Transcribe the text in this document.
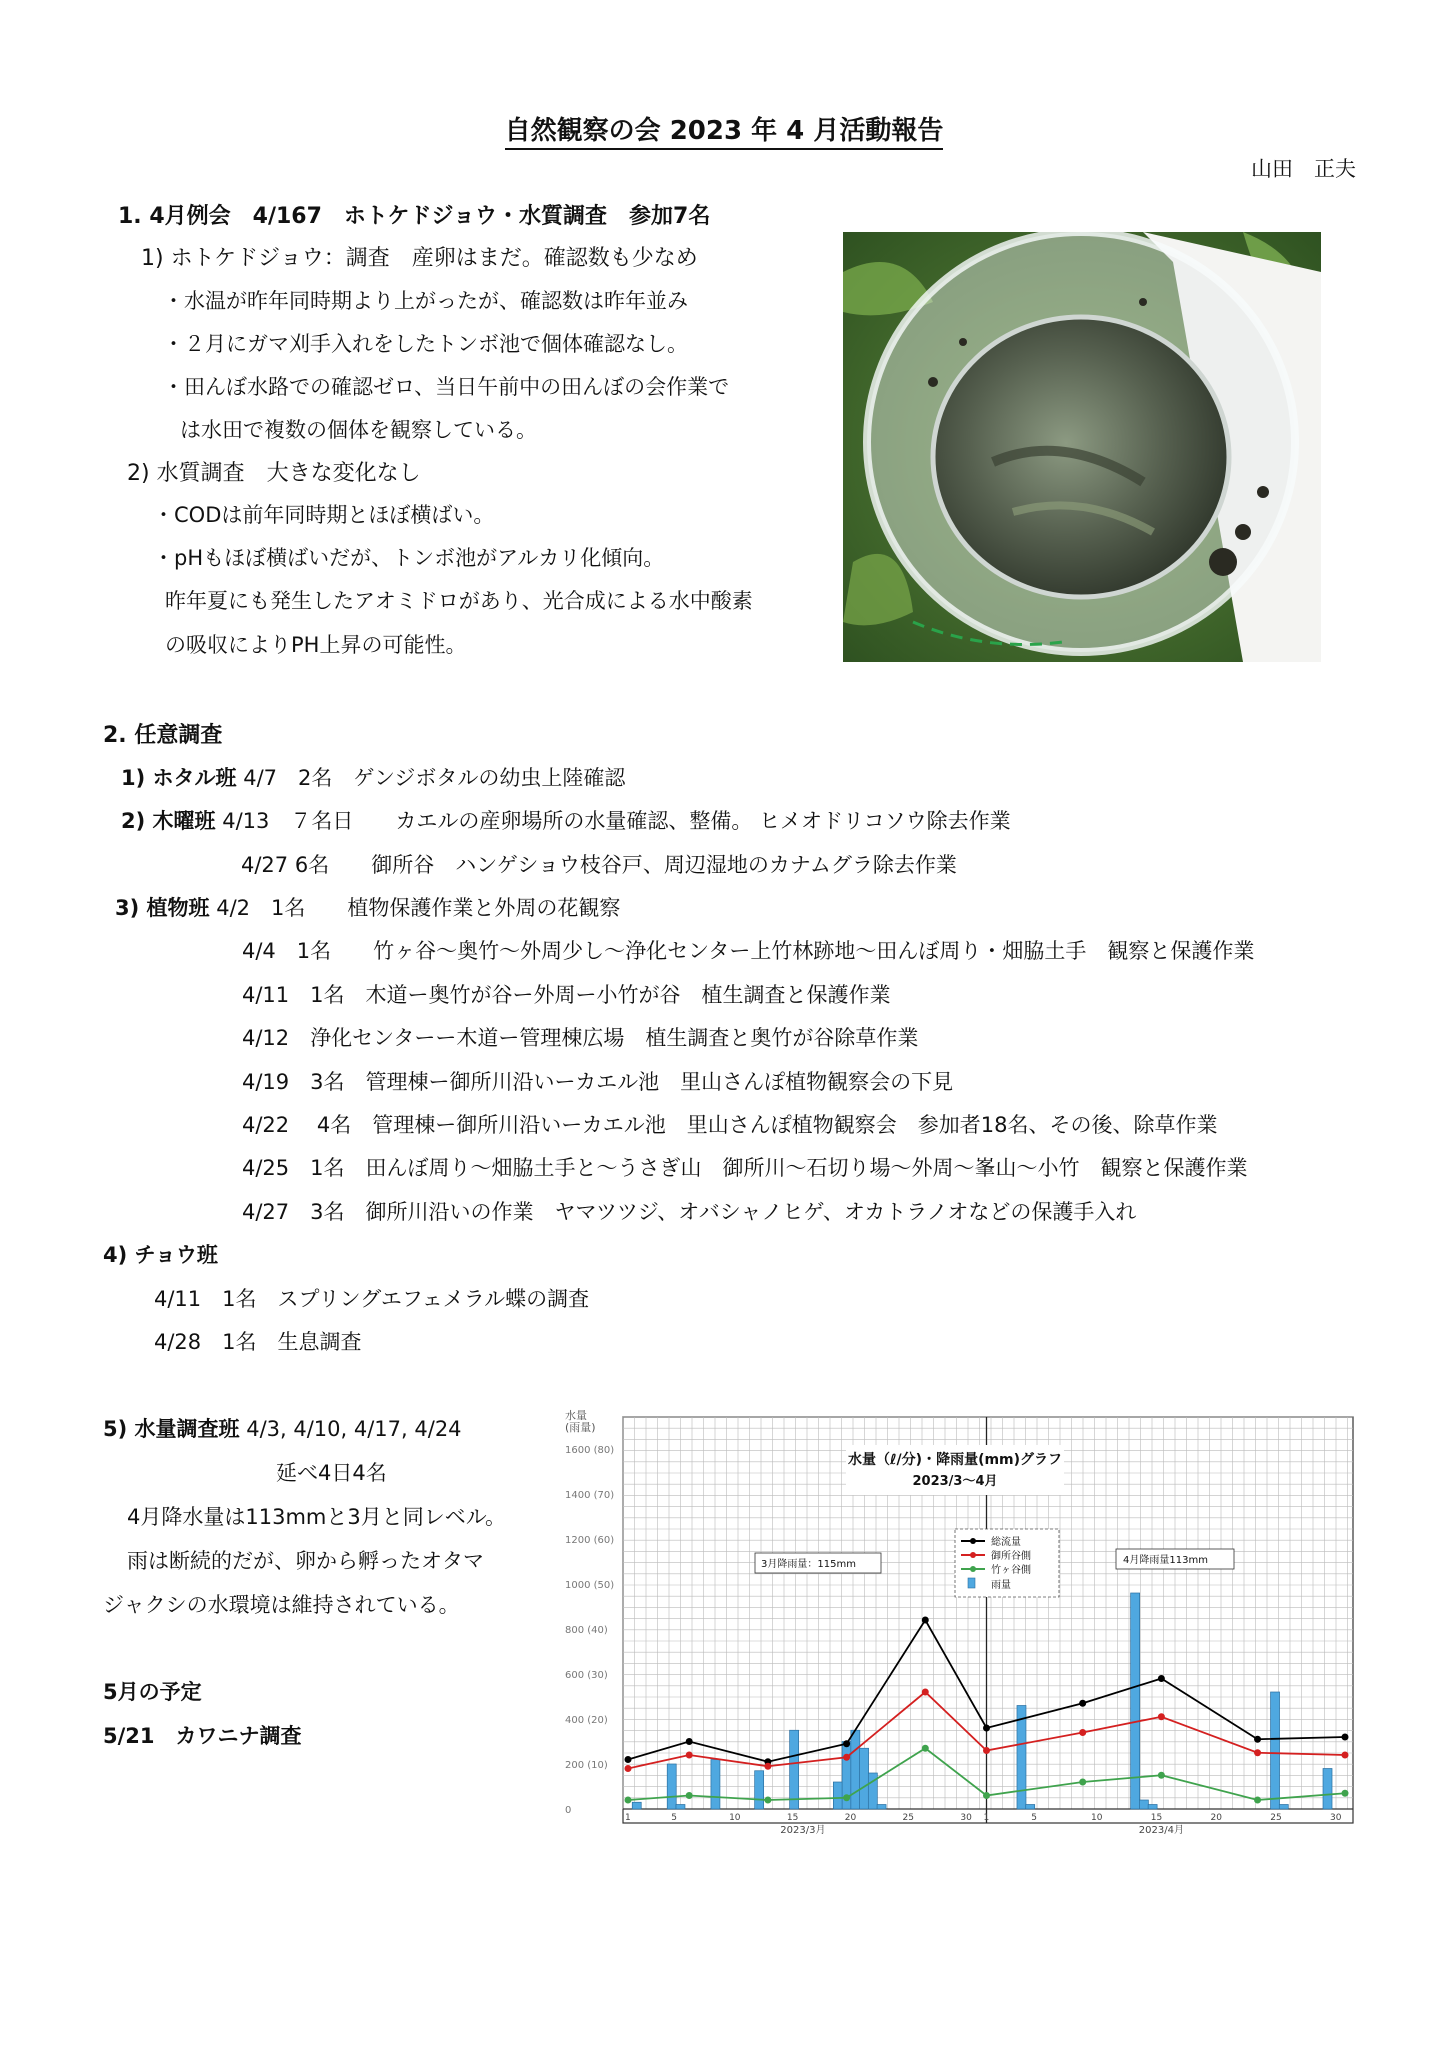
自然観察の会 2023 年 4 月活動報告
山田　正夫
1. 4月例会　4/167　ホトケドジョウ・水質調査　参加7名
1) ホトケドジョウ：調査　産卵はまだ。確認数も少なめ
・水温が昨年同時期より上がったが、確認数は昨年並み
・２月にガマ刈手入れをしたトンボ池で個体確認なし。
・田んぼ水路での確認ゼロ、当日午前中の田んぼの会作業で
は水田で複数の個体を観察している。
2) 水質調査　大きな変化なし
・CODは前年同時期とほぼ横ばい。
・pHもほぼ横ばいだが、トンボ池がアルカリ化傾向。
昨年夏にも発生したアオミドロがあり、光合成による水中酸素
の吸収によりPH上昇の可能性。
2. 任意調査
1) ホタル班 4/7　2名　ゲンジボタルの幼虫上陸確認
2) 木曜班 4/13　７名日　　カエルの産卵場所の水量確認、整備。 ヒメオドリコソウ除去作業
4/27 6名　　御所谷　ハンゲショウ枝谷戸、周辺湿地のカナムグラ除去作業
3) 植物班 4/2　1名　　植物保護作業と外周の花観察
4/4　1名　　竹ヶ谷～奥竹～外周少し～浄化センター上竹林跡地～田んぼ周り・畑脇土手　観察と保護作業
4/11　1名　木道ー奥竹が谷ー外周ー小竹が谷　植生調査と保護作業
4/12　浄化センターー木道ー管理棟広場　植生調査と奥竹が谷除草作業
4/19　3名　管理棟ー御所川沿いーカエル池　里山さんぽ植物観察会の下見
4/22　 4名　管理棟ー御所川沿いーカエル池　里山さんぽ植物観察会　参加者18名、その後、除草作業
4/25　1名　田んぼ周り～畑脇土手と～うさぎ山　御所川～石切り場～外周～峯山～小竹　観察と保護作業
4/27　3名　御所川沿いの作業　ヤマツツジ、オバシャノヒゲ、オカトラノオなどの保護手入れ
4) チョウ班
4/11　1名　スプリングエフェメラル蝶の調査
4/28　1名　生息調査
5) 水量調査班 4/3, 4/10, 4/17, 4/24
延べ4日4名
4月降水量は113mmと3月と同レベル。
雨は断続的だが、卵から孵ったオタマ
ジャクシの水環境は維持されている。
5月の予定
5/21　カワニナ調査
水量
(雨量)
1600 (80)
1400 (70)
1200 (60)
1000 (50)
800 (40)
600 (30)
400 (20)
200 (10)
0
1	5	10	15	20	25	30 1	5	10	15	20	25	30
2023/3月	2023/4月
水量（ℓ/分)・降雨量(mm)グラフ
2023/3～4月
3月降雨量：115mm	4月降雨量113mm
総流量
御所谷側
竹ヶ谷側
雨量
